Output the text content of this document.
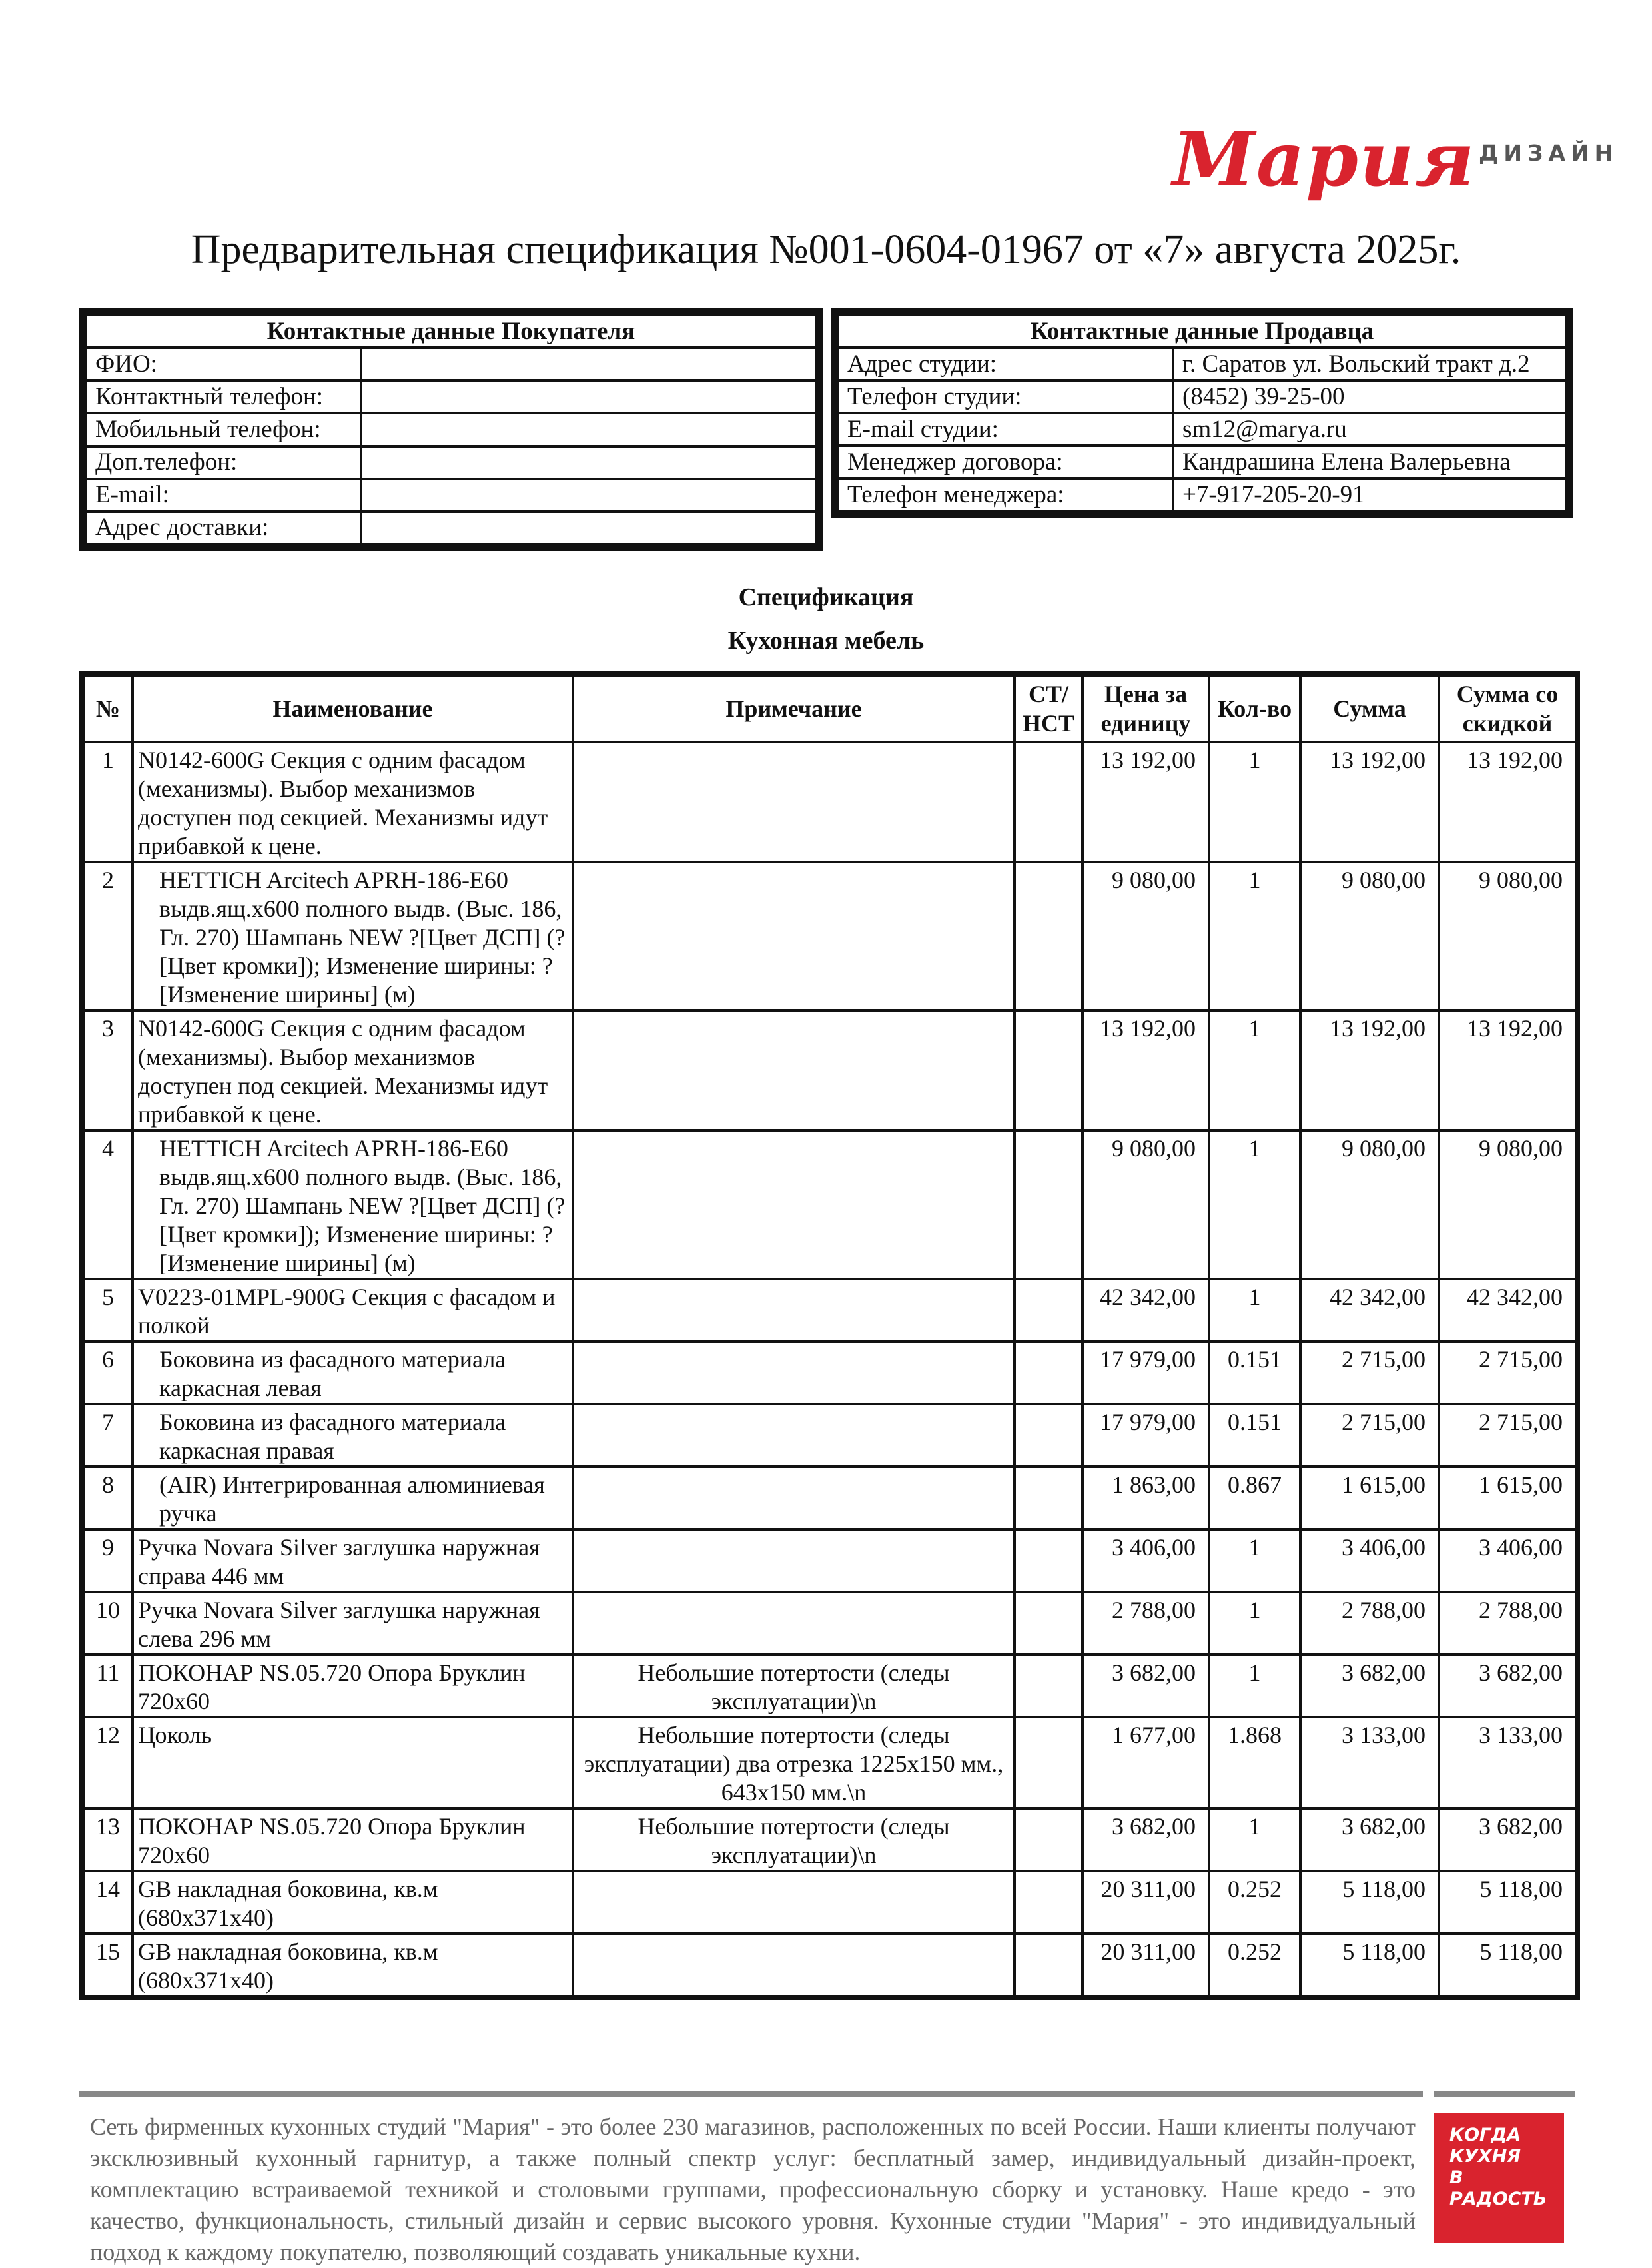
Мария ДИЗАЙН
Предварительная спецификация №001-0604-01967 от «7» августа 2025г.
Контактные данные Покупателя	
ФИО:	
Контактный телефон:	
Мобильный телефон:	
Доп.телефон:	
E-mail:	
Адрес доставки:	
Контактные данные Продавца	
Адрес студии:	г. Саратов ул. Вольский тракт д.2
Телефон студии:	(8452) 39-25-00
E-mail студии:	sm12@marya.ru
Менеджер договора:	Кандрашина Елена Валерьевна
Телефон менеджера:	+7-917-205-20-91
Спецификация
Кухонная мебель
№	Наименование	Примечание	СТ/ НСТ	Цена за единицу	Кол-во	Сумма	Сумма со скидкой
1	N0142-600G Секция с одним фасадом (механизмы). Выбор механизмов доступен под секцией. Механизмы идут прибавкой к цене.			13 192,00	1	13 192,00	13 192,00
2	HETTICH Arcitech APRH-186-E60 выдв.ящ.х600 полного выдв. (Выс. 186, Гл. 270) Шампань NEW ?[Цвет ДСП] (?[Цвет кромки]); Изменение ширины: ?[Изменение ширины] (м)			9 080,00	1	9 080,00	9 080,00
3	N0142-600G Секция с одним фасадом (механизмы). Выбор механизмов доступен под секцией. Механизмы идут прибавкой к цене.			13 192,00	1	13 192,00	13 192,00
4	HETTICH Arcitech APRH-186-E60 выдв.ящ.х600 полного выдв. (Выс. 186, Гл. 270) Шампань NEW ?[Цвет ДСП] (?[Цвет кромки]); Изменение ширины: ?[Изменение ширины] (м)			9 080,00	1	9 080,00	9 080,00
5	V0223-01MPL-900G Секция с фасадом и полкой			42 342,00	1	42 342,00	42 342,00
6	Боковина из фасадного материала каркасная левая			17 979,00	0.151	2 715,00	2 715,00
7	Боковина из фасадного материала каркасная правая			17 979,00	0.151	2 715,00	2 715,00
8	(AIR) Интегрированная алюминиевая ручка			1 863,00	0.867	1 615,00	1 615,00
9	Ручка Novara Silver заглушка наружная справа 446 мм			3 406,00	1	3 406,00	3 406,00
10	Ручка Novara Silver заглушка наружная слева 296 мм			2 788,00	1	2 788,00	2 788,00
11	ПОКОНАР NS.05.720 Опора Бруклин 720х60	Небольшие потертости (следы эксплуатации)\n		3 682,00	1	3 682,00	3 682,00
12	Цоколь	Небольшие потертости (следы эксплуатации) два отрезка 1225х150 мм., 643х150 мм.\n		1 677,00	1.868	3 133,00	3 133,00
13	ПОКОНАР NS.05.720 Опора Бруклин 720х60	Небольшие потертости (следы эксплуатации)\n		3 682,00	1	3 682,00	3 682,00
14	GB накладная боковина, кв.м (680х371х40)			20 311,00	0.252	5 118,00	5 118,00
15	GB накладная боковина, кв.м (680х371х40)			20 311,00	0.252	5 118,00	5 118,00
Сеть фирменных кухонных студий "Мария" - это более 230 магазинов, расположенных по всей России. Наши клиенты получают эксклюзивный кухонный гарнитур, а также полный спектр услуг: бесплатный замер, индивидуальный дизайн-проект, комплектацию встраиваемой техникой и столовыми группами, профессиональную сборку и установку. Наше кредо - это качество, функциональность, стильный дизайн и сервис высокого уровня. Кухонные студии "Мария" - это индивидуальный подход к каждому покупателю, позволяющий создавать уникальные кухни.
КОГДА
КУХНЯ
В РАДОСТЬ
